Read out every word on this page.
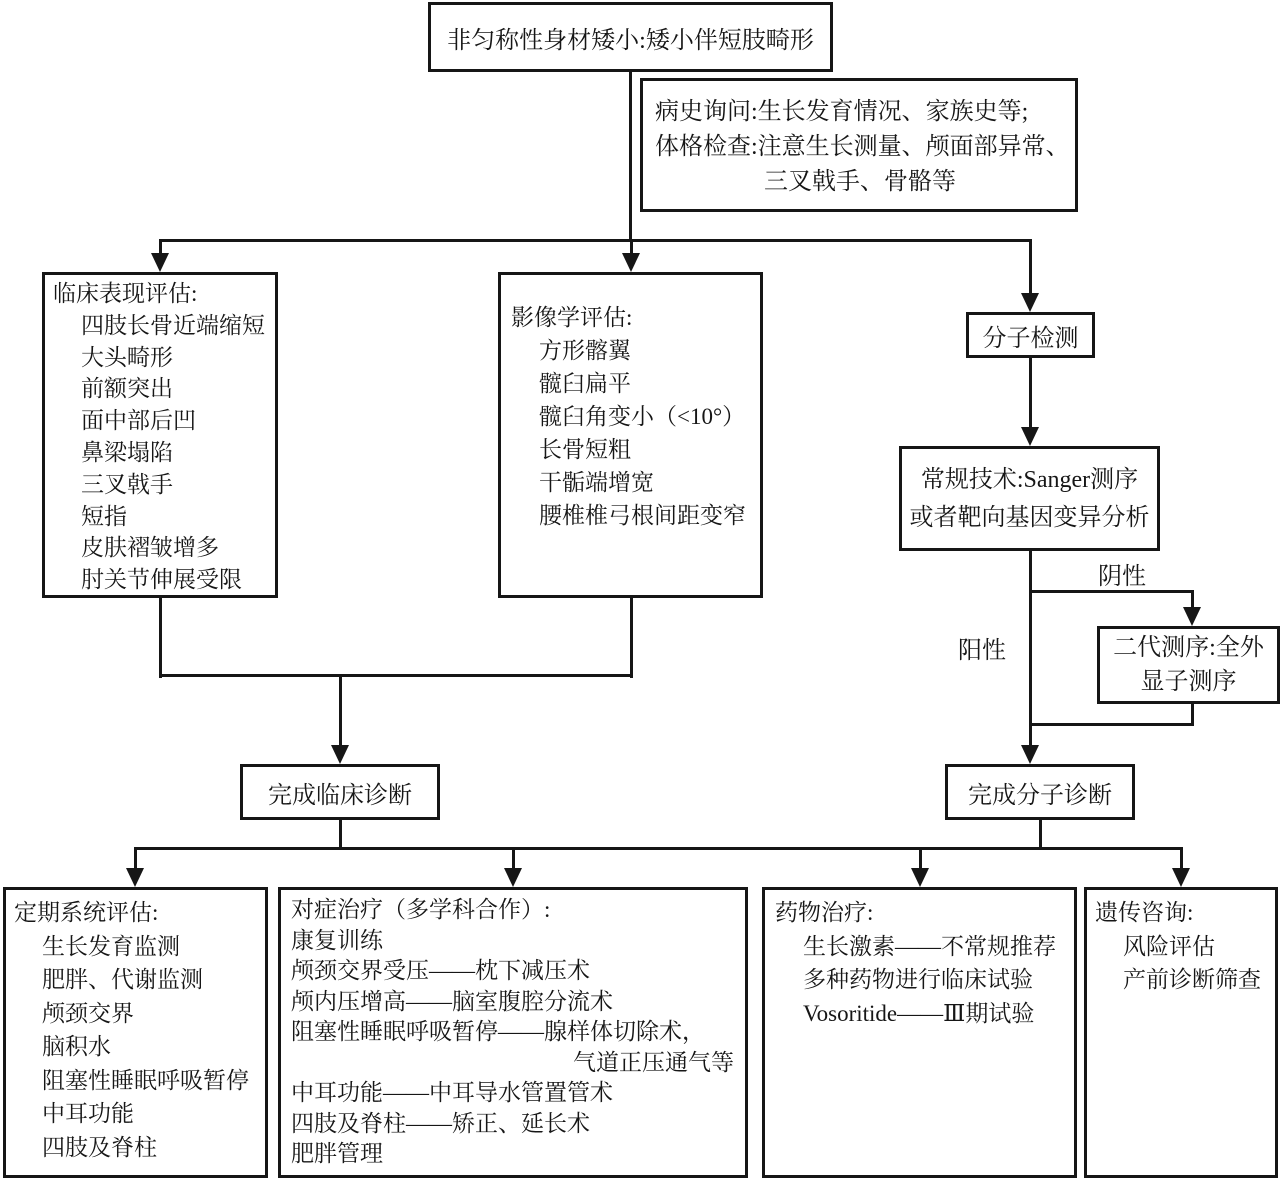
非匀称性身材矮小:矮小伴短肢畸形
病史询问:生长发育情况、家族史等;
体格检查:注意生长测量、颅面部异常、
三叉戟手、骨骼等
临床表现评估:
四肢长骨近端缩短
大头畸形
前额突出
面中部后凹
鼻梁塌陷
三叉戟手
短指
皮肤褶皱增多
肘关节伸展受限
影像学评估:
方形髂翼
髋臼扁平
髋臼角变小（<10°）
长骨短粗
干骺端增宽
腰椎椎弓根间距变窄
分子检测
常规技术:Sanger测序
或者靶向基因变异分析
二代测序:全外
显子测序
完成临床诊断	完成分子诊断
定期系统评估:
生长发育监测
肥胖、代谢监测
颅颈交界
脑积水
阻塞性睡眠呼吸暂停
中耳功能
四肢及脊柱
对症治疗（多学科合作）:
康复训练
颅颈交界受压——枕下减压术
颅内压增高——脑室腹腔分流术
阻塞性睡眠呼吸暂停——腺样体切除术，
气道正压通气等
中耳功能——中耳导水管置管术
四肢及脊柱——矫正、延长术
肥胖管理
药物治疗:
生长激素——不常规推荐
多种药物进行临床试验
Vosoritide——Ⅲ期试验
遗传咨询:
风险评估
产前诊断筛查
阴性
阳性
